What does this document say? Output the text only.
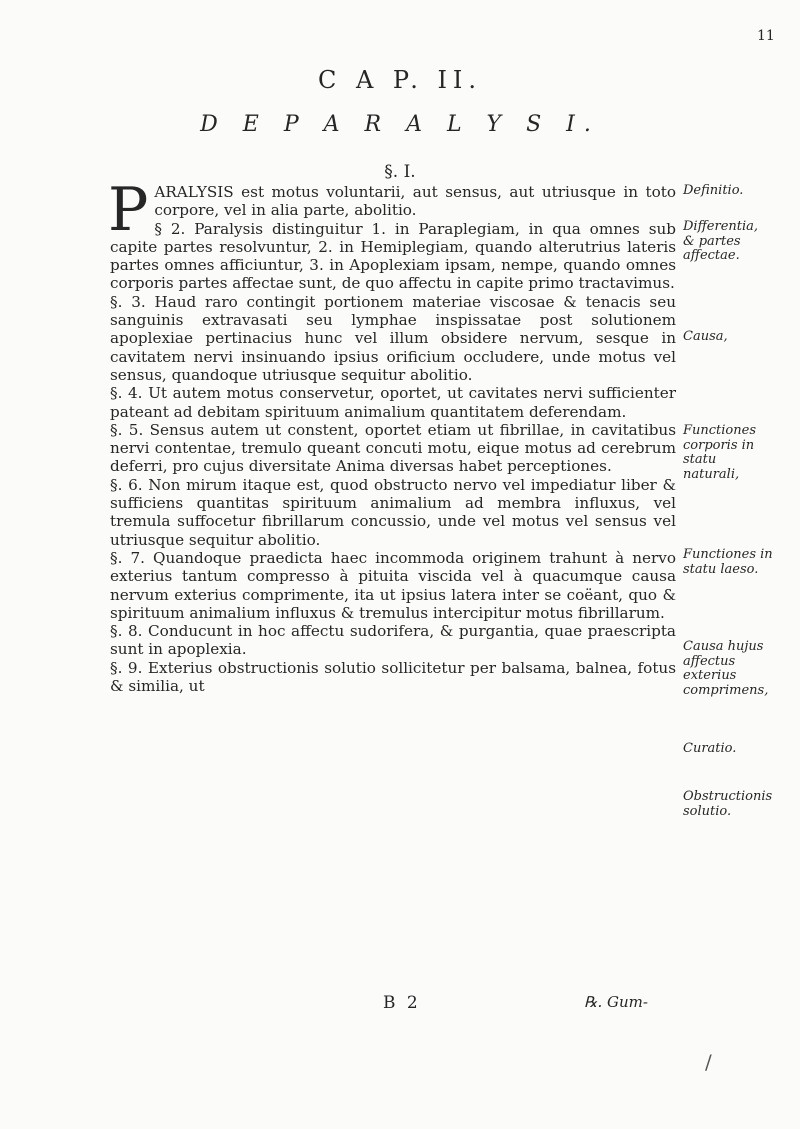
11
C A P. II.
D E P A R A L Y S I.
§. I.

PARALYSIS est motus voluntarii, aut sensus, aut utriusque in toto corpore, vel in alia parte, abolitio.

§ 2. Paralysis distinguitur 1. in Paraplegiam, in qua omnes sub capite partes resolvuntur, 2. in Hemiplegiam, quando alterutrius lateris partes omnes afficiuntur, 3. in Apoplexiam ipsam, nempe, quando omnes corporis partes affectae sunt, de quo affectu in capite primo tractavimus.

§. 3. Haud raro contingit portionem materiae viscosae & tenacis seu sanguinis extravasati seu lymphae inspissatae post solutionem apoplexiae pertinacius hunc vel illum obsidere nervum, sesque in cavitatem nervi insinuando ipsius orificium occludere, unde motus vel sensus, quandoque utriusque sequitur abolitio.

§. 4. Ut autem motus conservetur, oportet, ut cavitates nervi sufficienter pateant ad debitam spirituum animalium quantitatem deferendam.

§. 5. Sensus autem ut constent, oportet etiam ut fibrillae, in cavitatibus nervi contentae, tremulo queant concuti motu, eique motus ad cerebrum deferri, pro cujus diversitate Anima diversas habet perceptiones.

§. 6. Non mirum itaque est, quod obstructo nervo vel impediatur liber & sufficiens quantitas spirituum animalium ad membra influxus, vel tremula suffocetur fibrillarum concussio, unde vel motus vel sensus vel utriusque sequitur abolitio.

§. 7. Quandoque praedicta haec incommoda originem trahunt à nervo exterius tantum compresso à pituita viscida vel à quacumque causa nervum exterius comprimente, ita ut ipsius latera inter se coëant, quo & spirituum animalium influxus & tremulus intercipitur motus fibrillarum.

§. 8. Conducunt in hoc affectu sudorifera, & purgantia, quae praescripta sunt in apoplexia.

§. 9. Exterius obstructionis solutio sollicitetur per balsama, balnea, fotus & similia, ut

Definitio.
Differentia, & partes affectae.
Causa,
Functiones corporis in statu naturali,
Functiones in statu laeso.
Causa hujus affectus exterius comprimens,
Curatio.
Obstructionis solutio.
B 2	℞. Gum-
/
